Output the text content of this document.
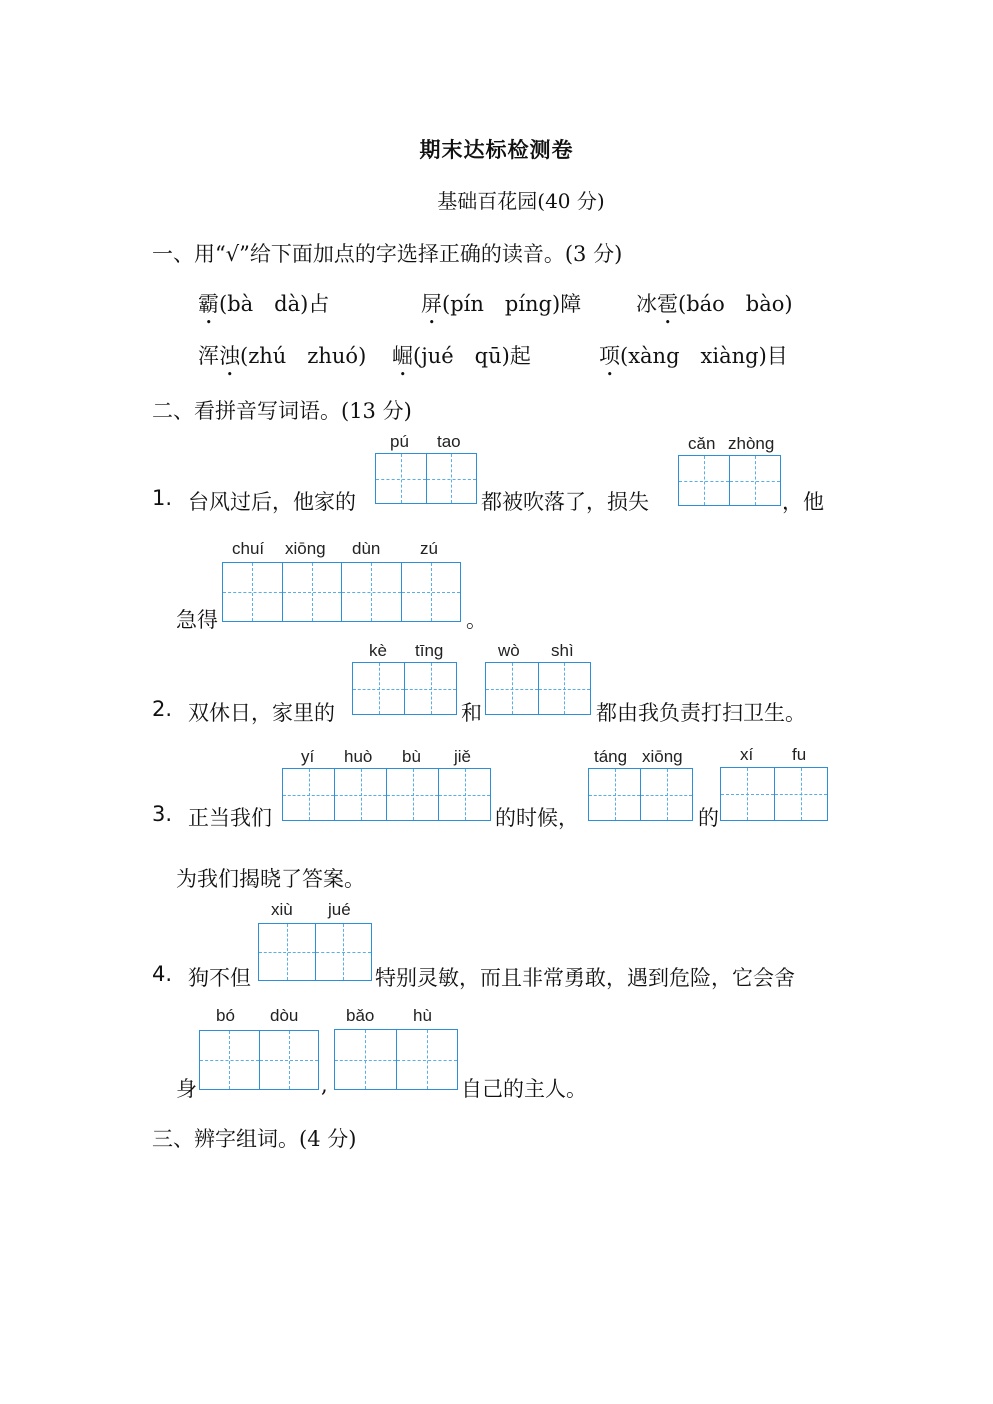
期末达标检测卷
基础百花园(40 分)
一、用“√”给下面加点的字选择正确的读音。(3 分)
霸(bà　dà)占	屏(pín　píng)障	冰雹(báo　bào)
浑浊(zhú　zhuó) 崛(jué　qū)起	项(xàng　xiàng)目
二、看拼音写词语。(13 分)
1. 台风过后，他家的
pú tao
都被吹落了，损失
cǎn zhòng
，他
急得
chuí xiōng dùn zú
。
2. 双休日，家里的
kè tīng
和
wò shì
都由我负责打扫卫生。
3. 正当我们
yí huò bù jiě
的时候，
táng xiōng
的
xí fu
为我们揭晓了答案。
4. 狗不但
xiù jué
特别灵敏，而且非常勇敢，遇到危险，它会舍
身
bó dòu
,
bǎo hù
自己的主人。
三、辨字组词。(4 分)
